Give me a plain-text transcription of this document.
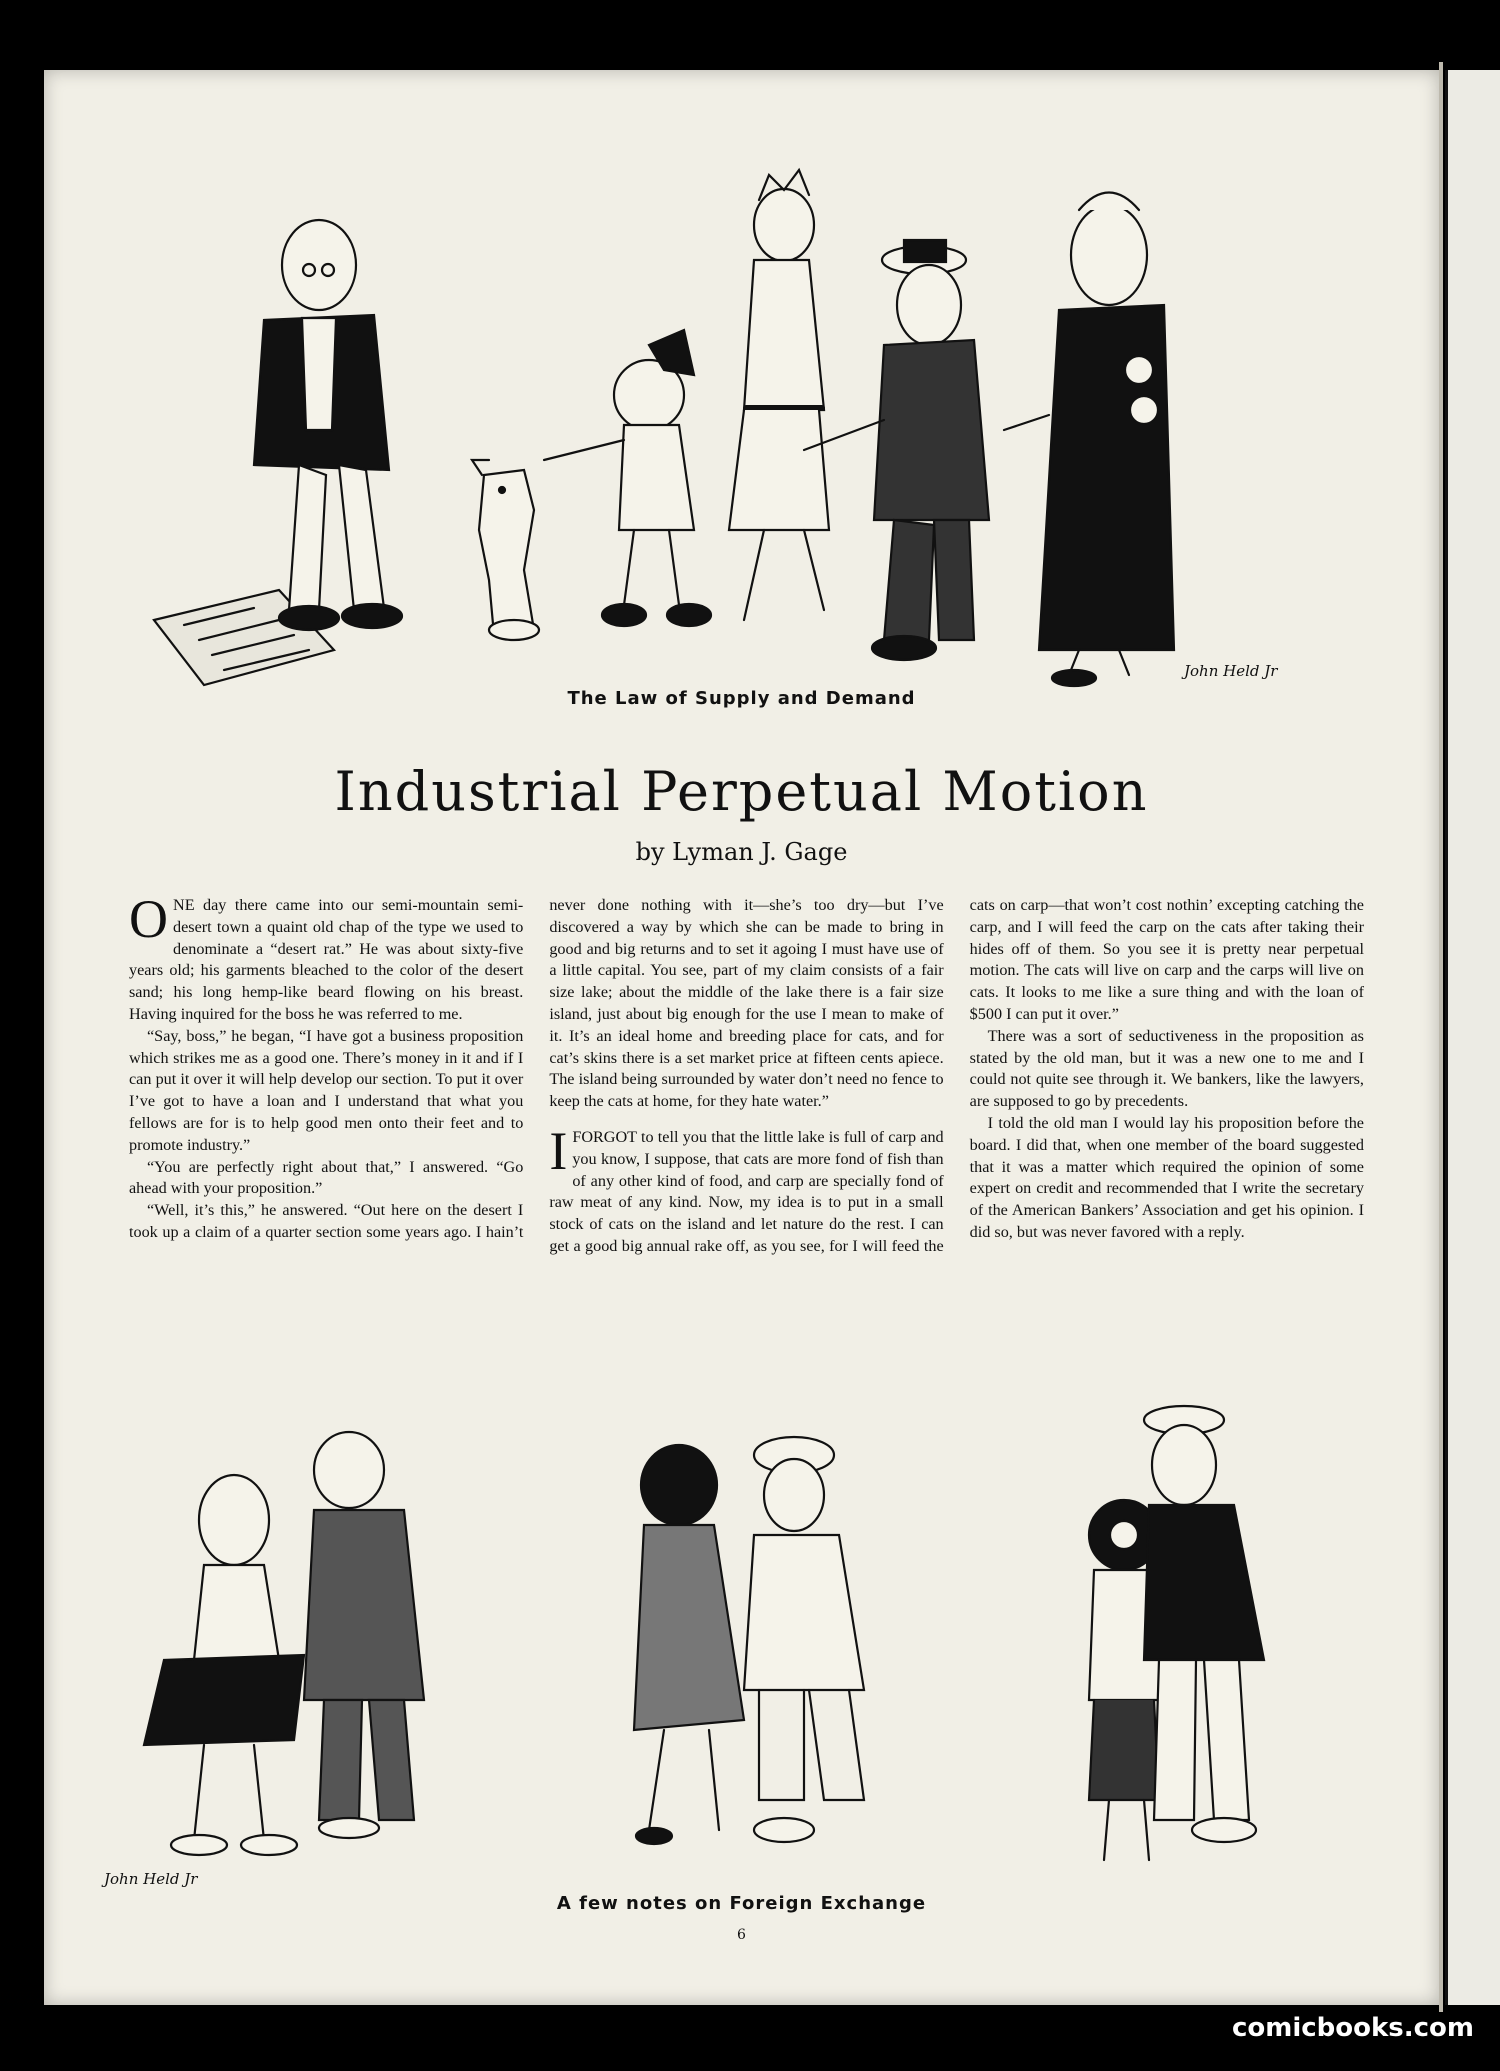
John Held Jr
The Law of Supply and Demand
Industrial Perpetual Motion
by Lyman J. Gage

ONE day there came into our semi-mountain semi-desert town a quaint old chap of the type we used to denominate a “desert rat.” He was about sixty-five years old; his garments bleached to the color of the desert sand; his long hemp-like beard flowing on his breast. Having inquired for the boss he was referred to me.

“Say, boss,” he began, “I have got a business proposition which strikes me as a good one. There’s money in it and if I can put it over it will help develop our section. To put it over I’ve got to have a loan and I understand that what you fellows are for is to help good men onto their feet and to promote industry.”

“You are perfectly right about that,” I answered. “Go ahead with your proposition.”

“Well, it’s this,” he answered. “Out here on the desert I took up a claim of a quarter section some years ago. I hain’t never done nothing with it—she’s too dry—but I’ve discovered a way by which she can be made to bring in good and big returns and to set it agoing I must have use of a little capital. You see, part of my claim consists of a fair size lake; about the middle of the lake there is a fair size island, just about big enough for the use I mean to make of it. It’s an ideal home and breeding place for cats, and for cat’s skins there is a set market price at fifteen cents apiece. The island being surrounded by water don’t need no fence to keep the cats at home, for they hate water.”

I FORGOT to tell you that the little lake is full of carp and you know, I suppose, that cats are more fond of fish than of any other kind of food, and carp are specially fond of raw meat of any kind. Now, my idea is to put in a small stock of cats on the island and let nature do the rest. I can get a good big annual rake off, as you see, for I will feed the cats on carp—that won’t cost nothin’ excepting catching the carp, and I will feed the carp on the cats after taking their hides off of them. So you see it is pretty near perpetual motion. The cats will live on carp and the carps will live on cats. It looks to me like a sure thing and with the loan of $500 I can put it over.”

There was a sort of seductiveness in the proposition as stated by the old man, but it was a new one to me and I could not quite see through it. We bankers, like the lawyers, are supposed to go by precedents.

I told the old man I would lay his proposition before the board. I did that, when one member of the board suggested that it was a matter which required the opinion of some expert on credit and recommended that I write the secretary of the American Bankers’ Association and get his opinion. I did so, but was never favored with a reply.

John Held Jr
A few notes on Foreign Exchange
6
comicbooks.com
